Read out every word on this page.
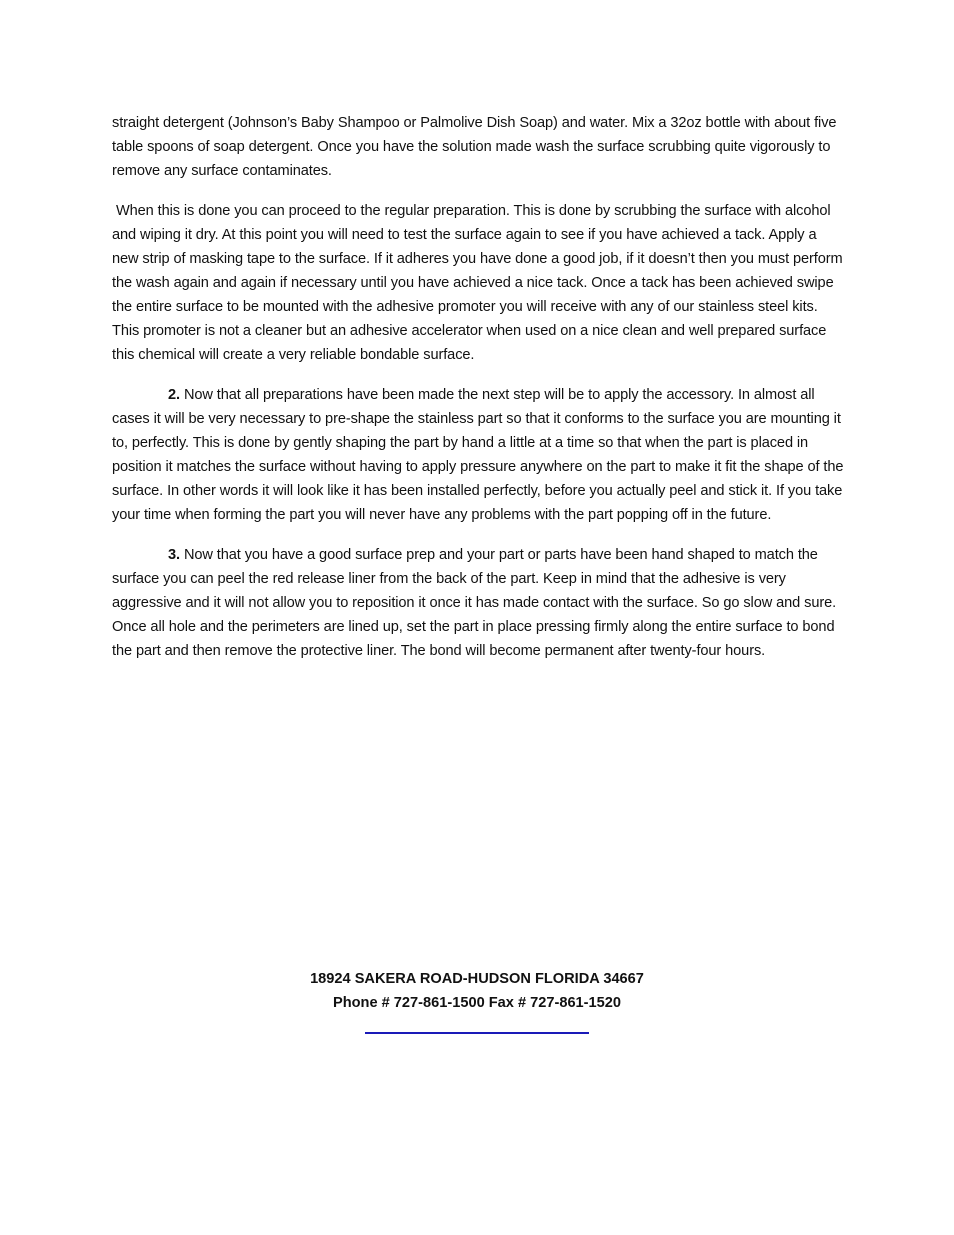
straight detergent (Johnson’s Baby Shampoo or Palmolive Dish Soap) and water. Mix a 32oz bottle with about five table spoons of soap detergent. Once you have the solution made wash the surface scrubbing quite vigorously to remove any surface contaminates.

When this is done you can proceed to the regular preparation. This is done by scrubbing the surface with alcohol and wiping it dry. At this point you will need to test the surface again to see if you have achieved a tack. Apply a new strip of masking tape to the surface. If it adheres you have done a good job, if it doesn’t then you must perform the wash again and again if necessary until you have achieved a nice tack. Once a tack has been achieved swipe the entire surface to be mounted with the adhesive promoter you will receive with any of our stainless steel kits. This promoter is not a cleaner but an adhesive accelerator when used on a nice clean and well prepared surface this chemical will create a very reliable bondable surface.

2. Now that all preparations have been made the next step will be to apply the accessory. In almost all cases it will be very necessary to pre-shape the stainless part so that it conforms to the surface you are mounting it to, perfectly. This is done by gently shaping the part by hand a little at a time so that when the part is placed in position it matches the surface without having to apply pressure anywhere on the part to make it fit the shape of the surface. In other words it will look like it has been installed perfectly, before you actually peel and stick it. If you take your time when forming the part you will never have any problems with the part popping off in the future.

3. Now that you have a good surface prep and your part or parts have been hand shaped to match the surface you can peel the red release liner from the back of the part. Keep in mind that the adhesive is very aggressive and it will not allow you to reposition it once it has made contact with the surface. So go slow and sure. Once all hole and the perimeters are lined up, set the part in place pressing firmly along the entire surface to bond the part and then remove the protective liner. The bond will become permanent after twenty-four hours.

18924 SAKERA ROAD-HUDSON FLORIDA 34667
Phone # 727-861-1500 Fax # 727-861-1520
